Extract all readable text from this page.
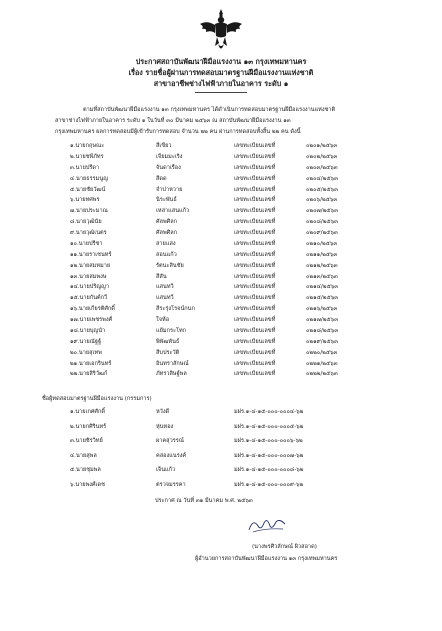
ประกาศสถาบันพัฒนาฝีมือแรงงาน ๑๓ กรุงเทพมหานคร
เรื่อง รายชื่อผู้ผ่านการทดสอบมาตรฐานฝีมือแรงงานแห่งชาติ
สาขาอาชีพช่างไฟฟ้าภายในอาคาร ระดับ ๑
ตามที่สถาบันพัฒนาฝีมือแรงงาน ๑๓ กรุงเทพมหานคร ได้ดำเนินการทดสอบมาตรฐานฝีมือแรงงานแห่งชาติ
สาขาช่างไฟฟ้าภายในอาคาร ระดับ ๑ ในวันที่ ๓๐ มีนาคม ๒๕๖๓ ณ สถาบันพัฒนาฝีมือแรงงาน ๑๓
กรุงเทพมหานคร ผลการทดสอบมีผู้เข้ารับการทดสอบ จำนวน ๒๒ คน ผ่านการทดสอบทั้งสิ้น ๒๒ คน ดังนี้
๑.นายกฤษณะ	สีเขียว	เลขทะเบียนเลขที่	๐๒๐๑/๒๕๖๓
๒.นายชพีภัทร	เจียมมะเริง	เลขทะเบียนเลขที่	๐๒๐๒/๒๕๖๓
๓.นายปรีดา	จันดาเรือง	เลขทะเบียนเลขที่	๐๒๐๓/๒๕๖๓
๔.นายธรรมนูญ	สีดด	เลขทะเบียนเลขที่	๐๒๐๔/๒๕๖๓
๕.นายชัยวัฒน์	จำปาหวาย	เลขทะเบียนเลขที่	๐๒๐๕/๒๕๖๓
๖.นายทศพร	นิระพันธ์	เลขทะเบียนเลขที่	๐๒๐๖/๒๕๖๓
๗.นายประมาณ	เหล่าแสนแก้ว	เลขทะเบียนเลขที่	๐๒๐๗/๒๕๖๓
๘.นายวุฒินัย	ศัลพศิลก	เลขทะเบียนเลขที่	๐๒๐๘/๒๕๖๓
๙.นายวุฒิเนตร	ศัลพศิลก	เลขทะเบียนเลขที่	๐๒๐๙/๒๕๖๓
๑๐.นายปรีชา	สายแสง	เลขทะเบียนเลขที่	๐๒๑๐/๒๕๖๓
๑๑.นายราเชนทร์	สอนแก้ว	เลขทะเบียนเลขที่	๐๒๑๑/๒๕๖๓
๑๒.นายสมหมาย	รัตนะสินชัย	เลขทะเบียนเลขที่	๐๒๑๒/๒๕๖๓
๑๓.นายสมพงษ	สีสัน	เลขทะเบียนเลขที่	๐๒๑๓/๒๕๖๓
๑๔.นายปริญญา	แสนทวี	เลขทะเบียนเลขที่	๐๒๑๔/๒๕๖๓
๑๕.นายกันต์กวี	แสนทวี	เลขทะเบียนเลขที่	๐๒๑๕/๒๕๖๓
๑๖.นายเกียรติศักดิ์	สีระรุ่งโรจน์กนก	เลขทะเบียนเลขที่	๐๒๑๖/๒๕๖๓
๑๗.นายเพชรพงศ์	ใจห้อ	เลขทะเบียนเลขที่	๐๒๑๗/๒๕๖๓
๑๘.นายบุญนำ	แย้มกระโทก	เลขทะเบียนเลขที่	๐๒๑๘/๒๕๖๓
๑๙.นายณัฐฐ์	พิพัฒพันธ์	เลขทะเบียนเลขที่	๐๒๑๙/๒๕๖๓
๒๐.นายสุเทพ	สีบประวัติ	เลขทะเบียนเลขที่	๐๒๒๐/๒๕๖๓
๒๑.นายเอกรินทร์	อินทราสักษณ์	เลขทะเบียนเลขที่	๐๒๒๑/๒๕๖๓
๒๒.นายสิริวัฒก์	ภัทรวสิษฐ์พล	เลขทะเบียนเลขที่	๐๒๒๒/๒๕๖๓
ชื่อผู้ทดสอบมาตรฐานฝีมือแรงงาน (กรรมการ)
๑.นายเกศศักดิ์	หวังดี	มฝร.๑-๔-๑๕-๐๐๐-๐๐๐๔-๖๒
๒.นายกศิรินทร์	หุ่นทอง	มฝร.๑-๔-๑๕-๐๐๐-๐๐๐๕-๖๒
๓.นายชิรวิทย์	ผาคสุวรรณ์	มฝร.๑-๔-๑๕-๐๐๐-๐๐๐๖-๖๒
๔.นายสุพล	คล่องแนรงค์	มฝร.๑-๔-๑๕-๐๐๐-๐๐๐๗-๖๒
๕.นายชุมพล	เจ็นแก้ว	มฝร.๑-๔-๑๕-๐๐๐-๐๐๐๘-๖๒
๖.นายพงศ์เดช	ตรวจมรรคา	มฝร.๑-๔-๑๕-๐๐๐-๐๐๐๙-๖๒
ประกาศ ณ วันที่ ๓๑ มีนาคม พ.ศ. ๒๕๖๓
(นางพรศิวลักษณ์ ผิวสอาด)
ผู้อำนวยการสถาบันพัฒนาฝีมือแรงงาน ๑๓ กรุงเทพมหานคร
